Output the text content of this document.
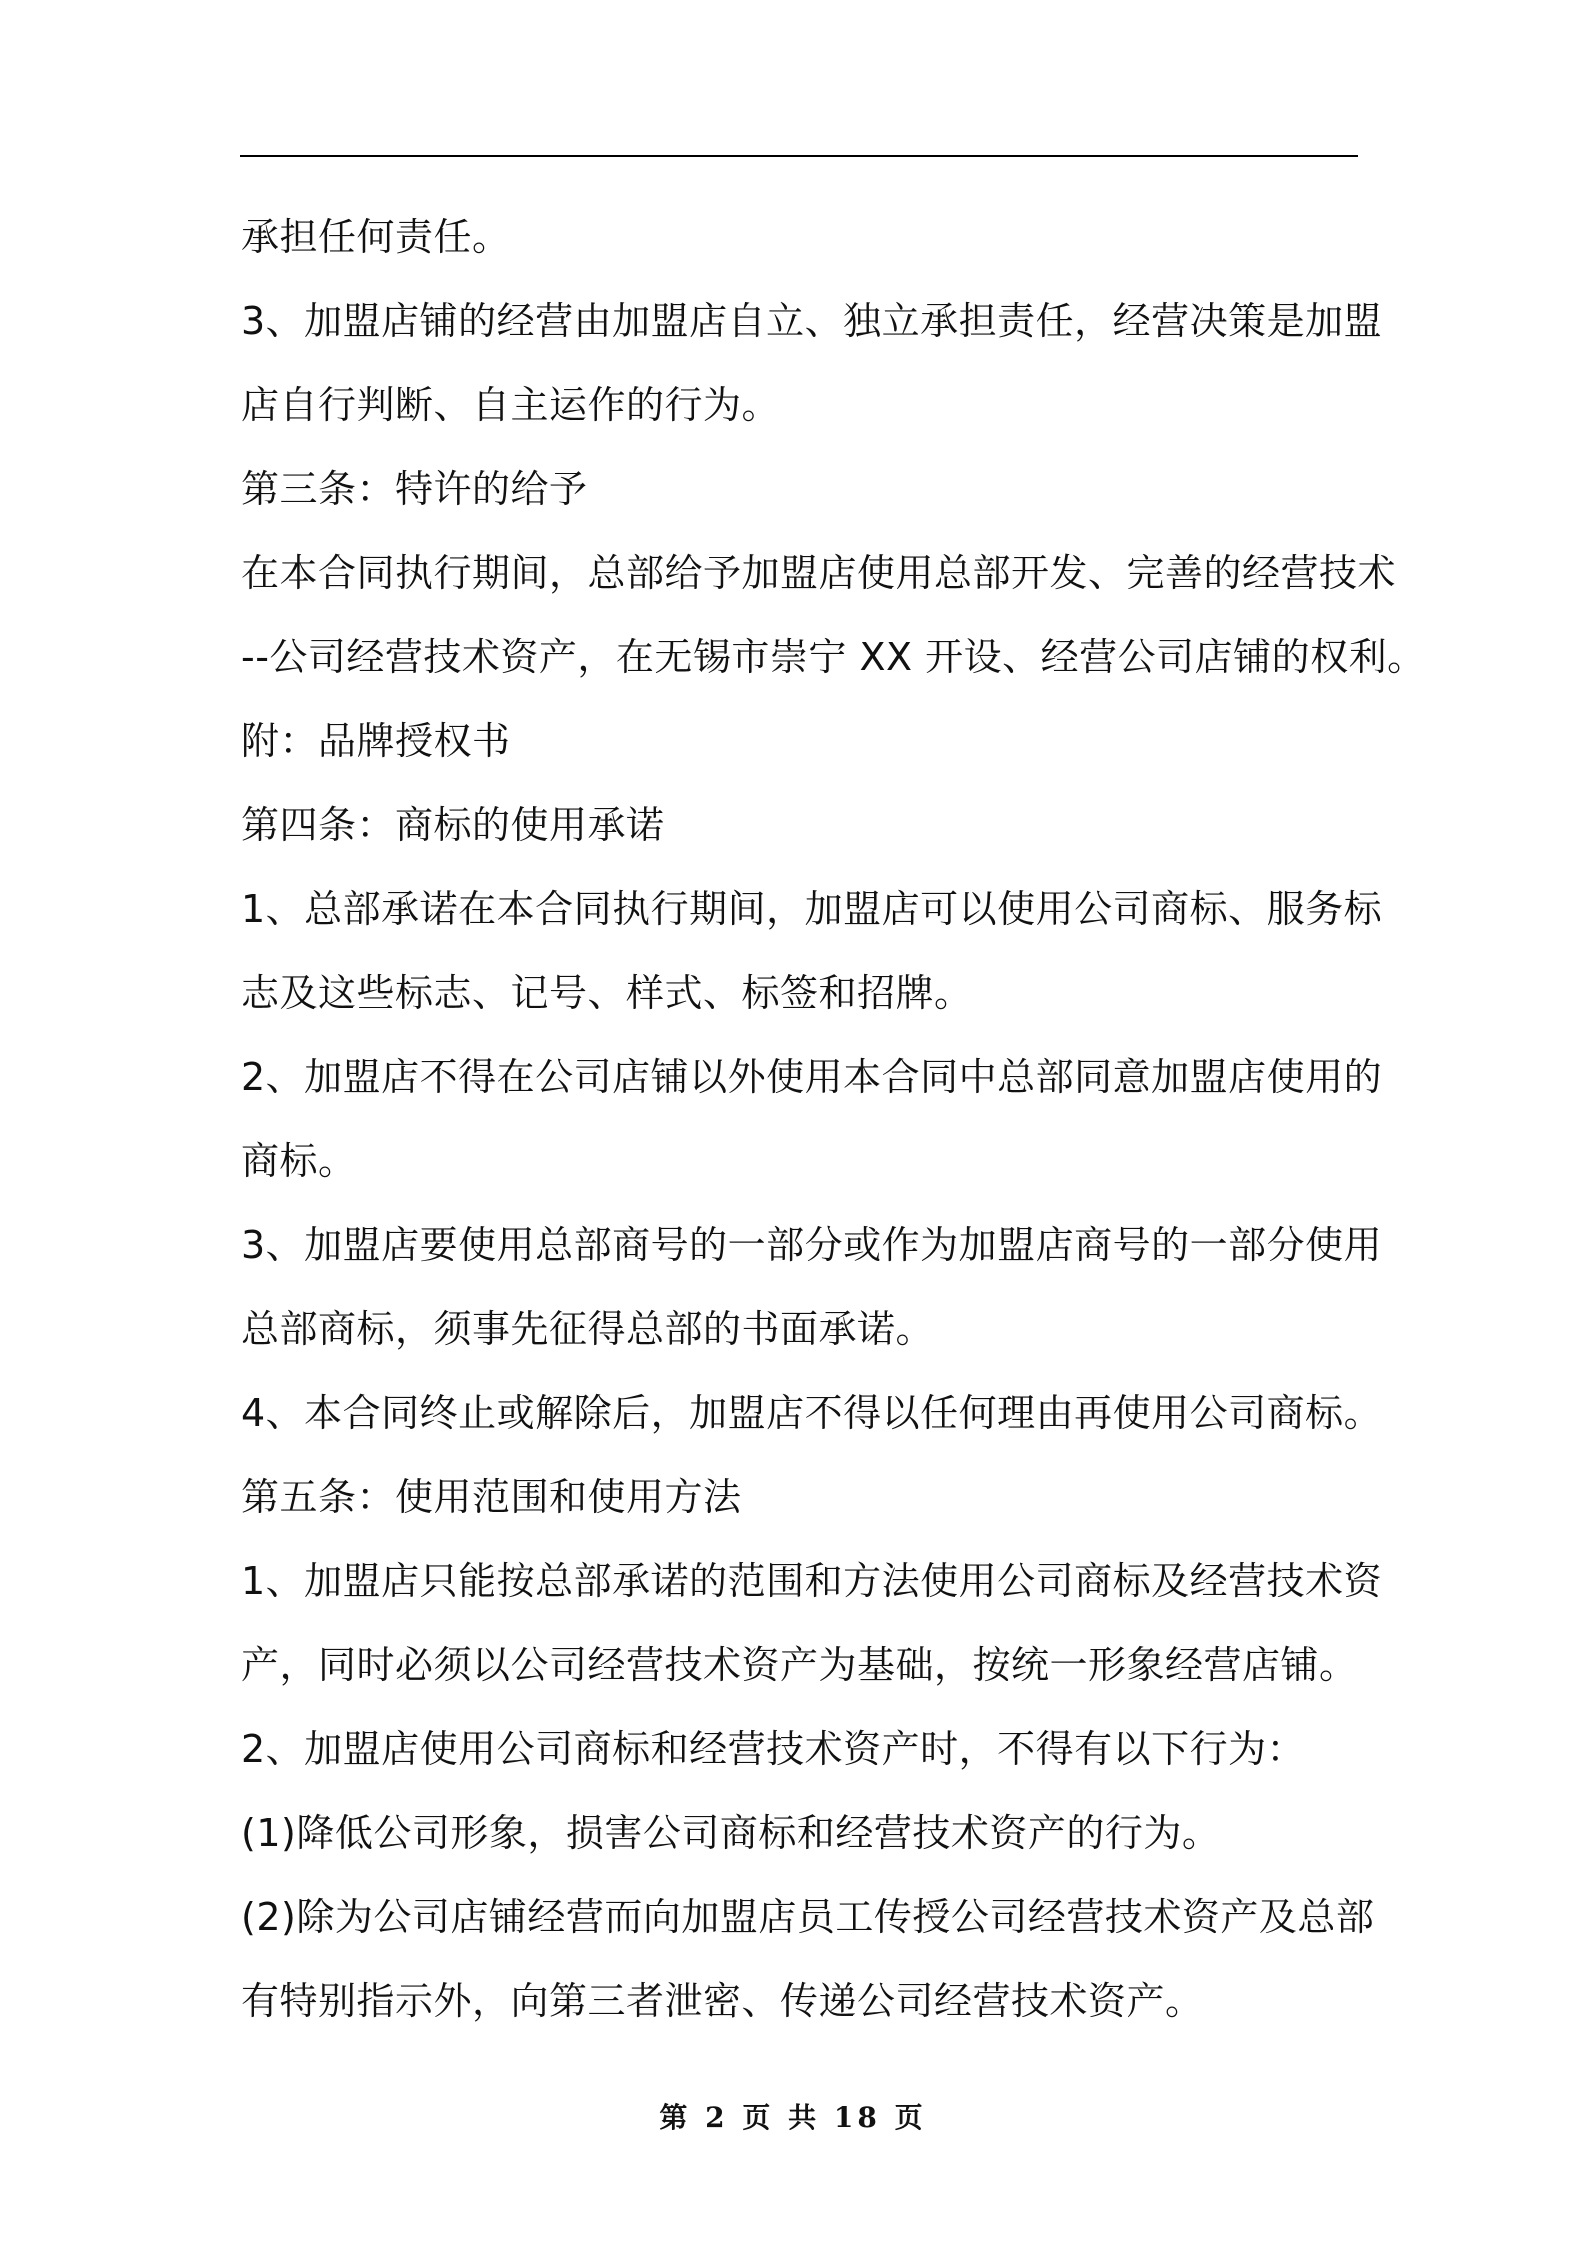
承担任何责任。
3、加盟店铺的经营由加盟店自立、独立承担责任，经营决策是加盟
店自行判断、自主运作的行为。
第三条：特许的给予
在本合同执行期间，总部给予加盟店使用总部开发、完善的经营技术
--公司经营技术资产，在无锡市崇宁 XX 开设、经营公司店铺的权利。
附：品牌授权书
第四条：商标的使用承诺
1、总部承诺在本合同执行期间，加盟店可以使用公司商标、服务标
志及这些标志、记号、样式、标签和招牌。
2、加盟店不得在公司店铺以外使用本合同中总部同意加盟店使用的
商标。
3、加盟店要使用总部商号的一部分或作为加盟店商号的一部分使用
总部商标，须事先征得总部的书面承诺。
4、本合同终止或解除后，加盟店不得以任何理由再使用公司商标。
第五条：使用范围和使用方法
1、加盟店只能按总部承诺的范围和方法使用公司商标及经营技术资
产，同时必须以公司经营技术资产为基础，按统一形象经营店铺。
2、加盟店使用公司商标和经营技术资产时，不得有以下行为：
(1)降低公司形象，损害公司商标和经营技术资产的行为。
(2)除为公司店铺经营而向加盟店员工传授公司经营技术资产及总部
有特别指示外，向第三者泄密、传递公司经营技术资产。
第 2 页 共 18 页
